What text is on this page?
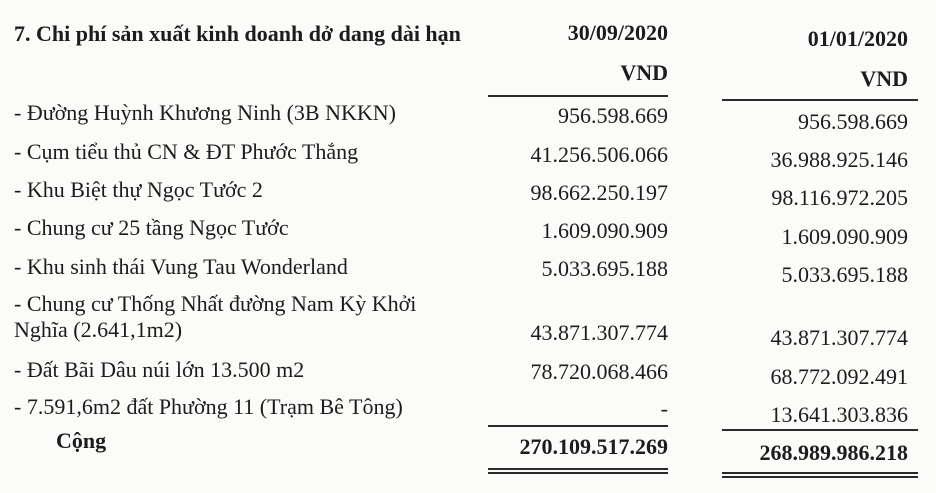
7. Chi phí sản xuất kinh doanh dở dang dài hạn	30/09/2020	01/01/2020
VND	VND
- Đường Huỳnh Khương Ninh (3B NKKN)	956.598.669	956.598.669
- Cụm tiểu thủ CN & ĐT Phước Thắng	41.256.506.066	36.988.925.146
- Khu Biệt thự Ngọc Tước 2	98.662.250.197	98.116.972.205
- Chung cư 25 tầng Ngọc Tước	1.609.090.909	1.609.090.909
- Khu sinh thái Vung Tau Wonderland	5.033.695.188	5.033.695.188
- Chung cư Thống Nhất đường Nam Kỳ Khởi
Nghĩa (2.641,1m2)	43.871.307.774	43.871.307.774
- Đất Bãi Dâu núi lớn 13.500 m2	78.720.068.466	68.772.092.491
- 7.591,6m2 đất Phường 11 (Trạm Bê Tông)	-	13.641.303.836
Cộng	270.109.517.269	268.989.986.218
